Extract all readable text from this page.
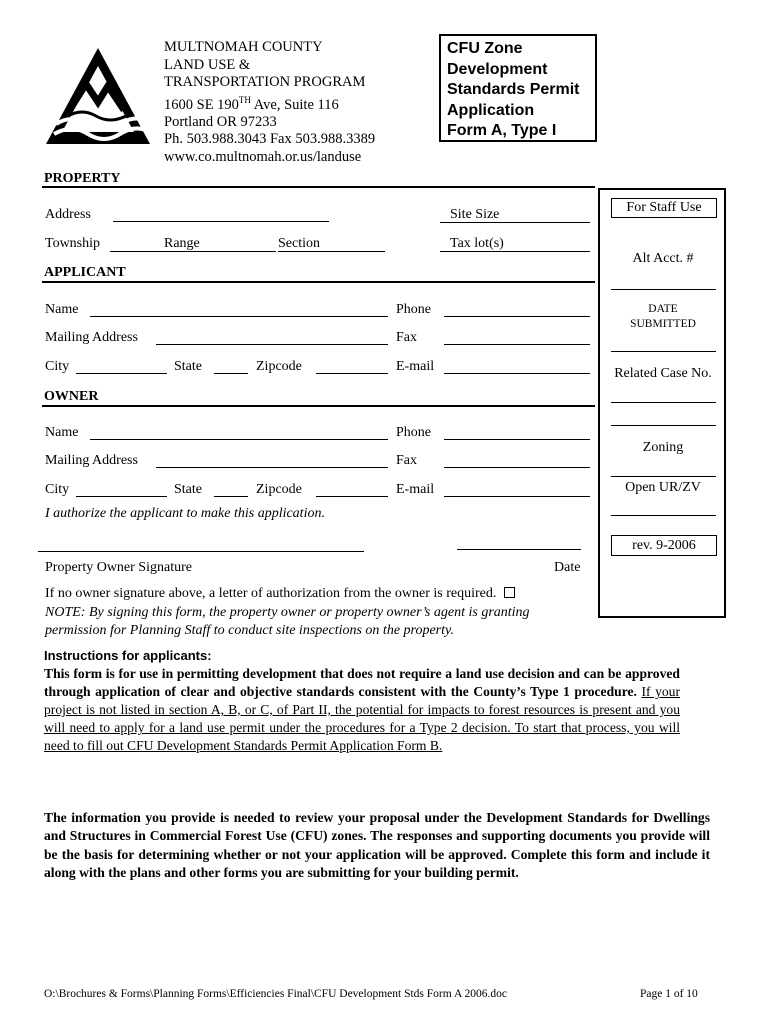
MULTNOMAH COUNTY
LAND USE &
TRANSPORTATION PROGRAM
1600 SE 190TH Ave, Suite 116
Portland OR 97233
Ph. 503.988.3043 Fax 503.988.3389
www.co.multnomah.or.us/landuse
CFU Zone
Development
Standards Permit
Application
Form A, Type I
PROPERTY
Address	Site Size
Township	Range	Section	Tax lot(s)
APPLICANT
Name	Phone
Mailing Address	Fax
City	State	Zipcode	E-mail
OWNER
Name	Phone
Mailing Address	Fax
City	State	Zipcode	E-mail
I authorize the applicant to make this application.
Property Owner Signature	Date
If no owner signature above, a letter of authorization from the owner is required.
NOTE: By signing this form, the property owner or property owner’s agent is granting permission for Planning Staff to conduct site inspections on the property.
For Staff Use
Alt Acct. #
DATE
SUBMITTED
Related Case No.
Zoning
Open UR/ZV
rev. 9-2006
Instructions for applicants:
This form is for use in permitting development that does not require a land use decision and can be approved through application of clear and objective standards consistent with the County’s Type 1 procedure. If your project is not listed in section A, B, or C, of Part II, the potential for impacts to forest resources is present and you will need to apply for a land use permit under the procedures for a Type 2 decision. To start that process, you will need to fill out CFU Development Standards Permit Application Form B.
The information you provide is needed to review your proposal under the Development Standards for Dwellings and Structures in Commercial Forest Use (CFU) zones. The responses and supporting documents you provide will be the basis for determining whether or not your application will be approved. Complete this form and include it along with the plans and other forms you are submitting for your building permit.
O:\Brochures & Forms\Planning Forms\Efficiencies Final\CFU Development Stds Form A 2006.doc	Page 1 of 10
